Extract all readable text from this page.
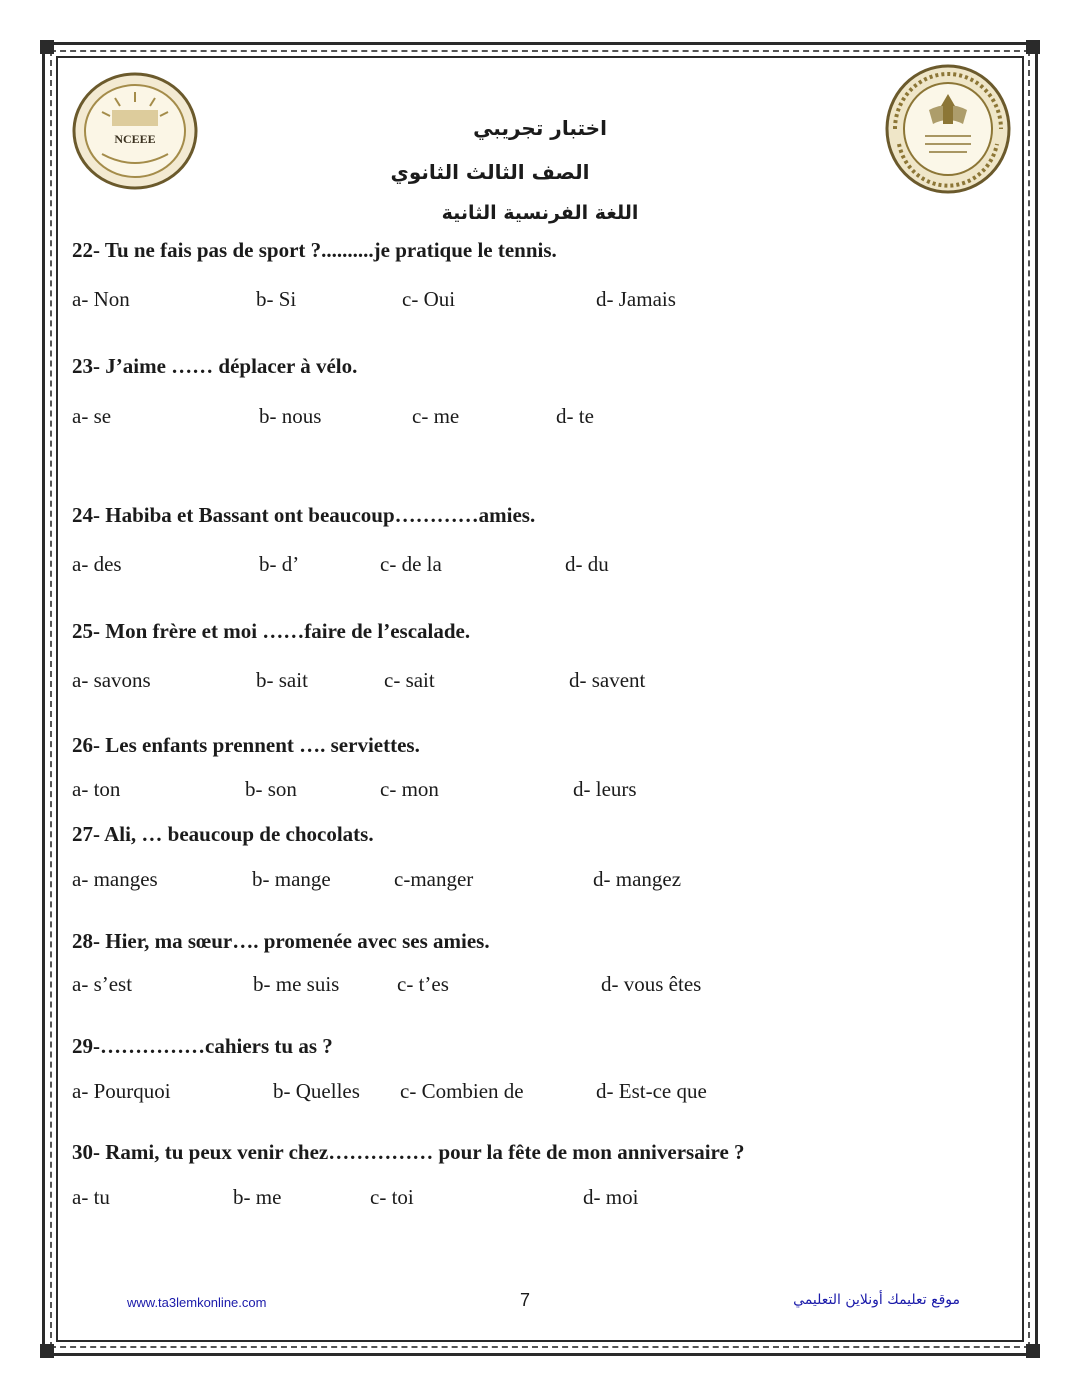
NCEEE	اختبار تجريبي
الصف الثالث الثانوي
اللغة الفرنسية الثانية
22- Tu ne fais pas de sport ?..........je pratique le tennis.
a- Non	b- Si	c- Oui	d- Jamais
23- J’aime …… déplacer à vélo.
a- se	b- nous	c- me	d- te
24- Habiba et Bassant ont beaucoup…………amies.
a- des	b- d’	c- de la	d- du
25- Mon frère et moi ……faire de l’escalade.
a- savons	b- sait	c- sait	d- savent
26- Les enfants prennent …. serviettes.
a- ton	b- son	c- mon	d- leurs
27- Ali, … beaucoup de chocolats.
a- manges	b- mange	c-manger	d- mangez
28- Hier, ma sœur…. promenée avec ses amies.
a- s’est	b- me suis	c- t’es	d- vous êtes
29-……………cahiers tu as ?
a- Pourquoi	b- Quelles c- Combien de	d- Est-ce que
30- Rami, tu peux venir chez…………… pour la fête de mon anniversaire ?
a- tu	b- me	c- toi	d- moi
www.ta3lemkonline.com	7	موقع تعليمك أونلاين التعليمي
